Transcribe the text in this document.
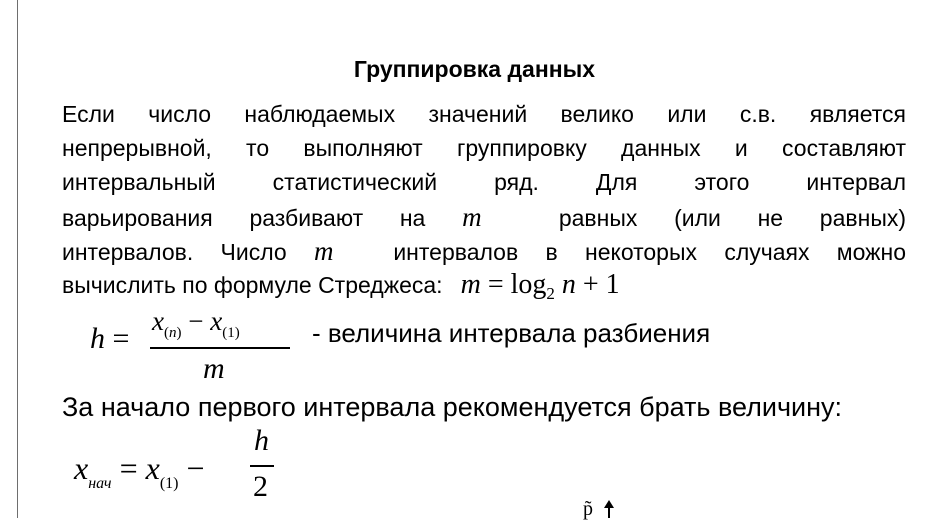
Группировка данных
Если число наблюдаемых значений велико или с.в. является
непрерывной, то выполняют группировку данных и составляют
интервальный статистический ряд. Для этого интервал
варьирования разбивают на m	равных (или не равных)
интервалов. Число m	интервалов в некоторых случаях можно
вычислить по формуле Стреджеса: $m = \log_2 n + 1$
h =
$x_{(n)} - x_{(1)}$
m
- величина интервала разбиения
За начало первого интервала рекомендуется брать величину:
$x_{нач} = x_{(1)}$ −
h
2
p̃
